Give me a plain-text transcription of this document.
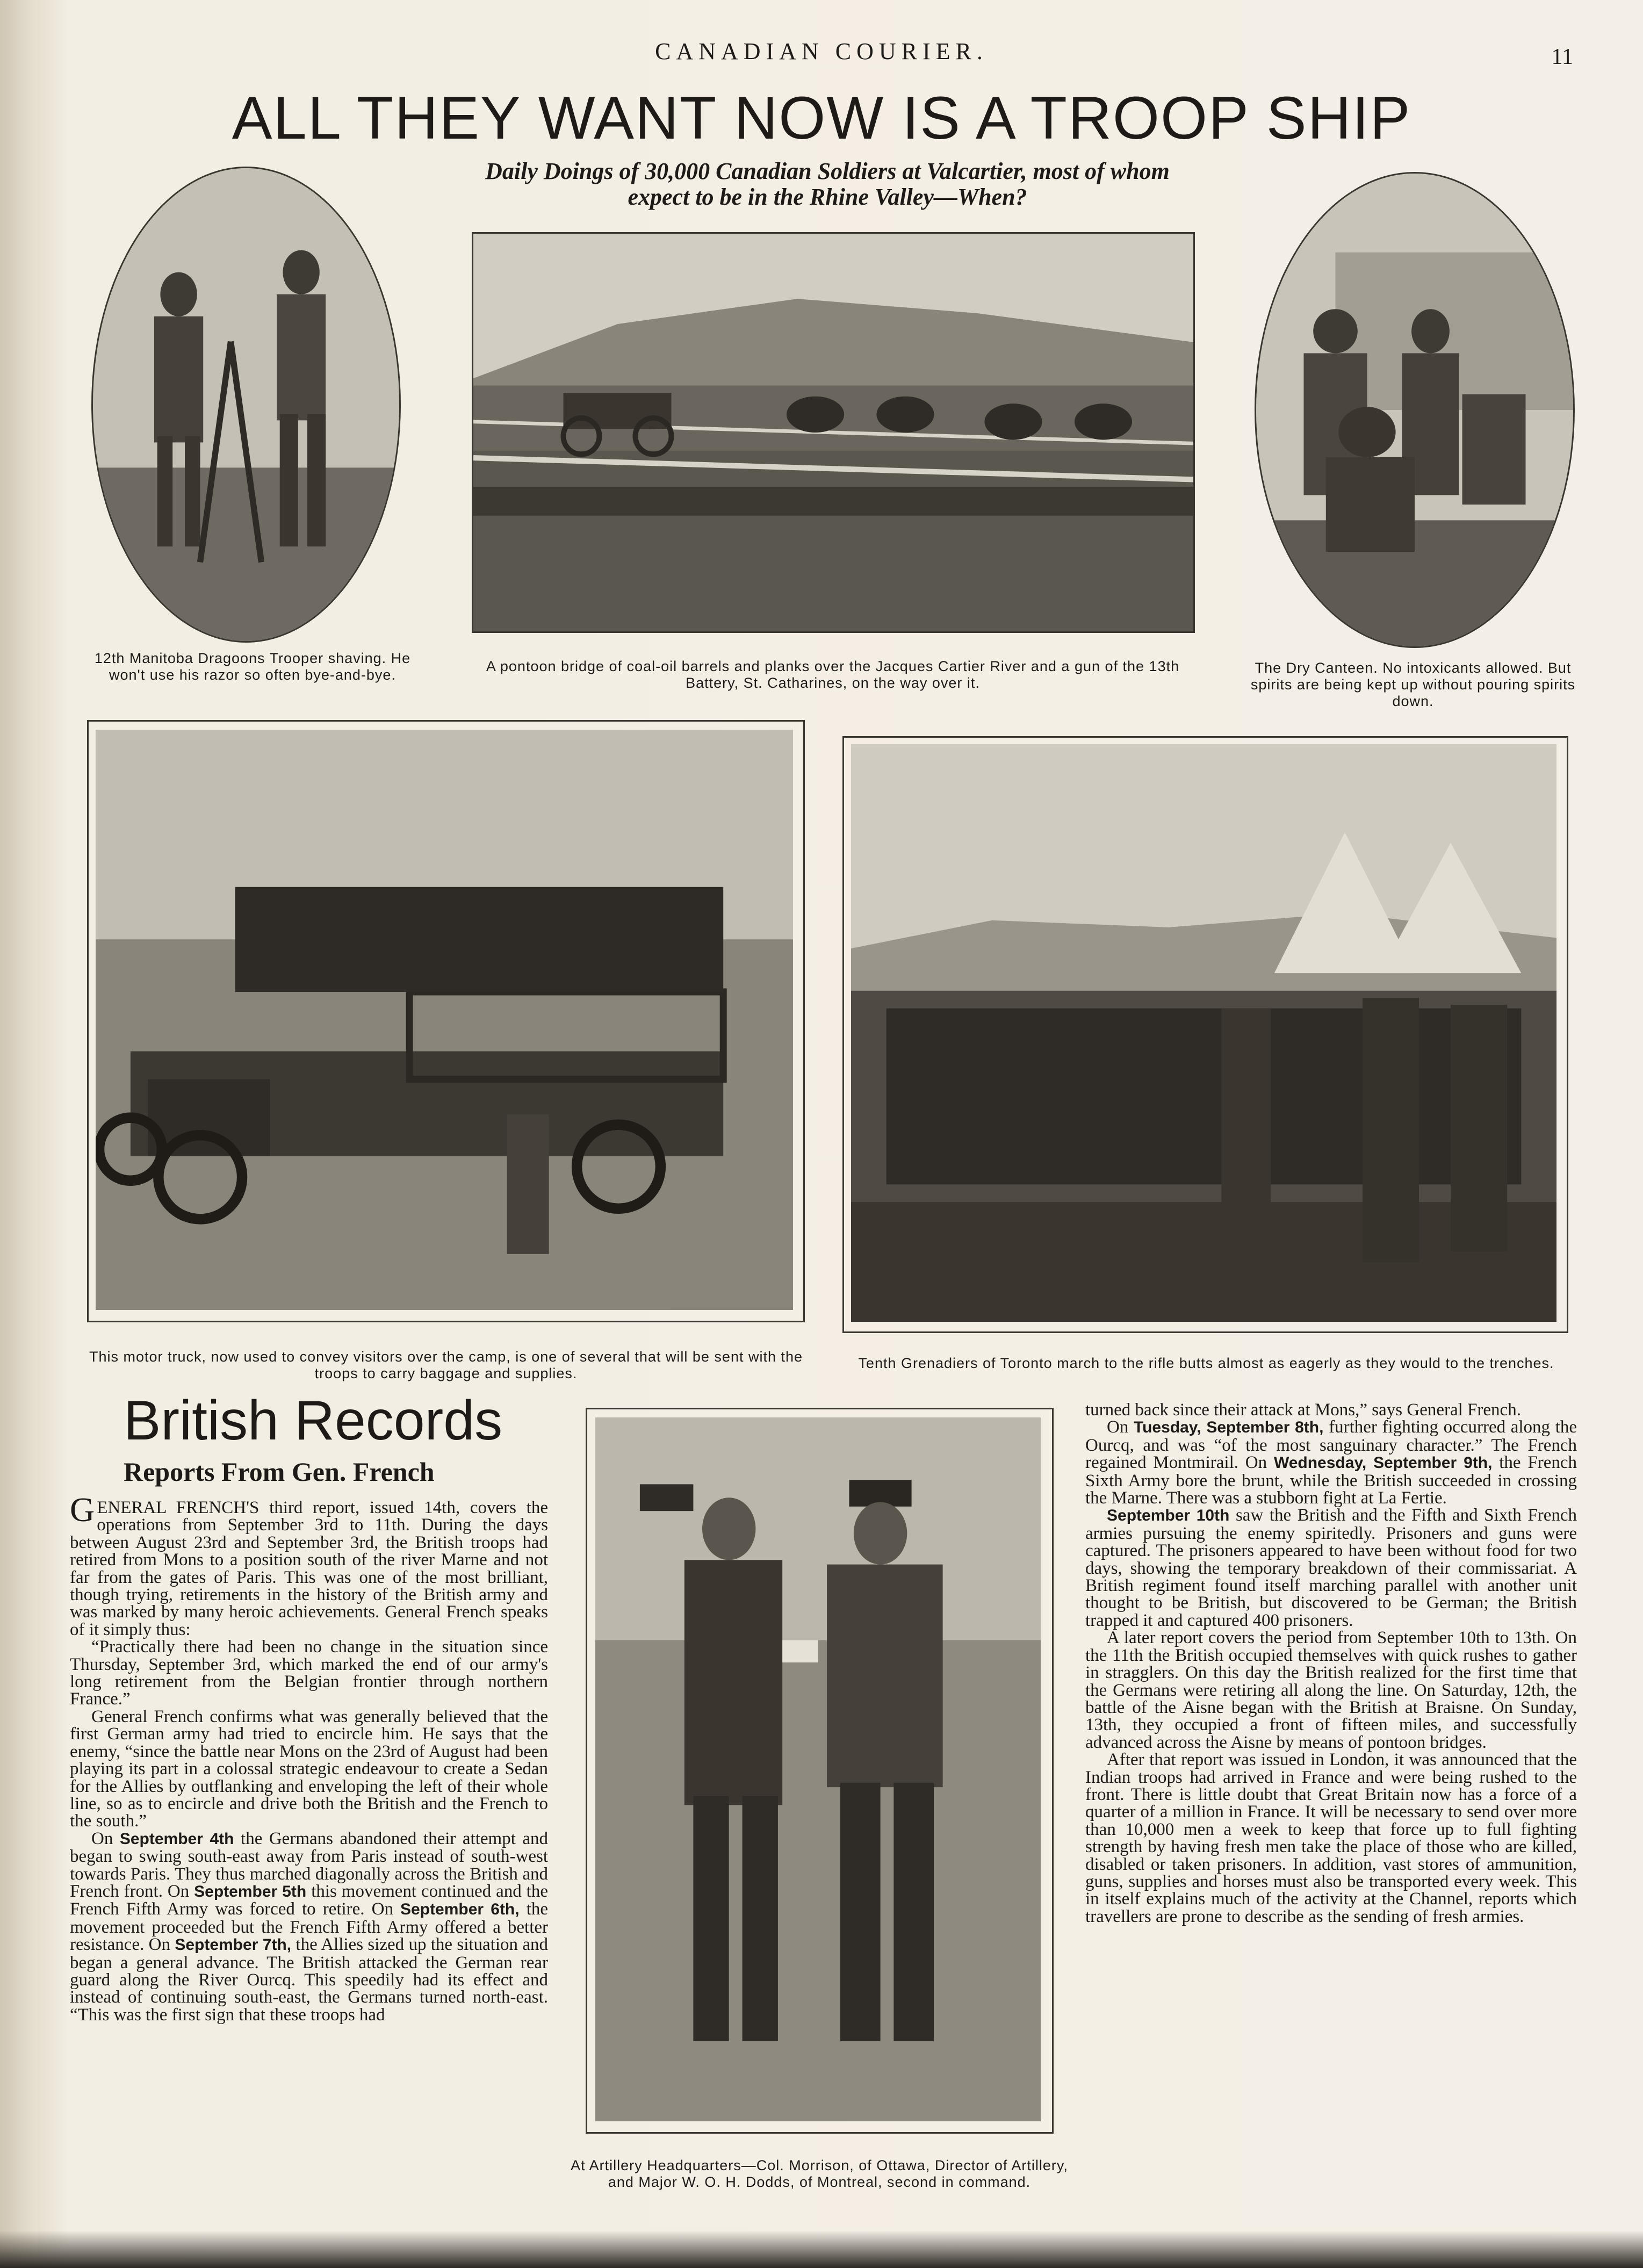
CANADIAN COURIER.	11
ALL THEY WANT NOW IS A TROOP SHIP
Daily Doings of 30,000 Canadian Soldiers at Valcartier, most of whom expect to be in the Rhine Valley—When?
12th Manitoba Dragoons Trooper shaving. He won't use his razor so often bye-and-bye.
A pontoon bridge of coal-oil barrels and planks over the Jacques Cartier River and a gun of the 13th Battery, St. Catharines, on the way over it.
The Dry Canteen. No intoxicants allowed. But spirits are being kept up without pouring spirits down.
This motor truck, now used to convey visitors over the camp, is one of several that will be sent with the troops to carry baggage and supplies.
Tenth Grenadiers of Toronto march to the rifle butts almost as eagerly as they would to the trenches.
British Records
Reports From Gen. French

GENERAL FRENCH'S third report, issued 14th, covers the operations from September 3rd to 11th. During the days between August 23rd and September 3rd, the British troops had retired from Mons to a position south of the river Marne and not far from the gates of Paris. This was one of the most brilliant, though trying, retirements in the history of the British army and was marked by many heroic achievements. General French speaks of it simply thus:

“Practically there had been no change in the situation since Thursday, September 3rd, which marked the end of our army's long retirement from the Belgian frontier through northern France.”

General French confirms what was generally believed that the first German army had tried to encircle him. He says that the enemy, “since the battle near Mons on the 23rd of August had been playing its part in a colossal strategic endeavour to create a Sedan for the Allies by outflanking and enveloping the left of their whole line, so as to encircle and drive both the British and the French to the south.”

On September 4th the Germans abandoned their attempt and began to swing south-east away from Paris instead of south-west towards Paris. They thus marched diagonally across the British and French front. On September 5th this movement continued and the French Fifth Army was forced to retire. On September 6th, the movement proceeded but the French Fifth Army offered a better resistance. On September 7th, the Allies sized up the situation and began a general advance. The British attacked the German rear guard along the River Ourcq. This speedily had its effect and instead of continuing south-east, the Germans turned north-east. “This was the first sign that these troops had

At Artillery Headquarters—Col. Morrison, of Ottawa, Director of Artillery, and Major W. O. H. Dodds, of Montreal, second in command.

turned back since their attack at Mons,” says General French.

On Tuesday, September 8th, further fighting occurred along the Ourcq, and was “of the most sanguinary character.” The French regained Montmirail. On Wednesday, September 9th, the French Sixth Army bore the brunt, while the British succeeded in crossing the Marne. There was a stubborn fight at La Fertie.

September 10th saw the British and the Fifth and Sixth French armies pursuing the enemy spiritedly. Prisoners and guns were captured. The prisoners appeared to have been without food for two days, showing the temporary breakdown of their commissariat. A British regiment found itself marching parallel with another unit thought to be British, but discovered to be German; the British trapped it and captured 400 prisoners.

A later report covers the period from September 10th to 13th. On the 11th the British occupied themselves with quick rushes to gather in stragglers. On this day the British realized for the first time that the Germans were retiring all along the line. On Saturday, 12th, the battle of the Aisne began with the British at Braisne. On Sunday, 13th, they occupied a front of fifteen miles, and successfully advanced across the Aisne by means of pontoon bridges.

After that report was issued in London, it was announced that the Indian troops had arrived in France and were being rushed to the front. There is little doubt that Great Britain now has a force of a quarter of a million in France. It will be necessary to send over more than 10,000 men a week to keep that force up to full fighting strength by having fresh men take the place of those who are killed, disabled or taken prisoners. In addition, vast stores of ammunition, guns, supplies and horses must also be transported every week. This in itself explains much of the activity at the Channel, reports which travellers are prone to describe as the sending of fresh armies.
